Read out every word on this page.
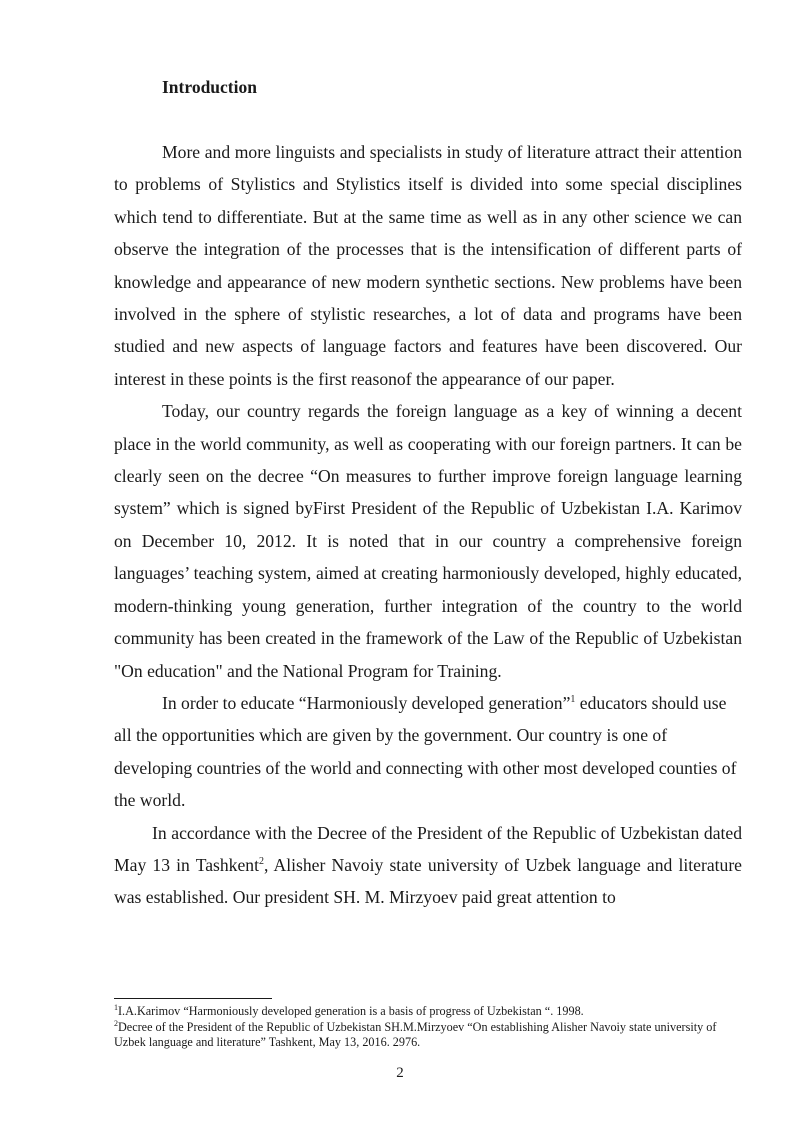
Introduction

More and more linguists and specialists in study of literature attract their attention to problems of Stylistics and Stylistics itself is divided into some special disciplines which tend to differentiate. But at the same time as well as in any other science we can observe the integration of the processes that is the intensification of different parts of knowledge and appearance of new modern synthetic sections. New problems have been involved in the sphere of stylistic researches, a lot of data and programs have been studied and new aspects of language factors and features have been discovered. Our interest in these points is the first reasonof the appearance of our paper.

Today, our country regards the foreign language as a key of winning a decent place in the world community, as well as cooperating with our foreign partners. It can be clearly seen on the decree “On measures to further improve foreign language learning system” which is signed byFirst President of the Republic of Uzbekistan I.A. Karimov on December 10, 2012. It is noted that in our country a comprehensive foreign languages’ teaching system, aimed at creating harmoniously developed, highly educated, modern-thinking young generation, further integration of the country to the world community has been created in the framework of the Law of the Republic of Uzbekistan "On education" and the National Program for Training.

In order to educate “Harmoniously developed generation”$^1$ educators should use all the opportunities which are given by the government. Our country is one of developing countries of the world and connecting with other most developed counties of the world.

In accordance with the Decree of the President of the Republic of Uzbekistan dated May 13 in Tashkent$^2$, Alisher Navoiy state university of Uzbek language and literature was established. Our president SH. M. Mirzyoev paid great attention to

$^1$I.A.Karimov “Harmoniously developed generation is a basis of progress of Uzbekistan “. 1998.

$^2$Decree of the President of the Republic of Uzbekistan SH.M.Mirzyoev “On establishing Alisher Navoiy state university of Uzbek language and literature” Tashkent, May 13, 2016. 2976.

2
